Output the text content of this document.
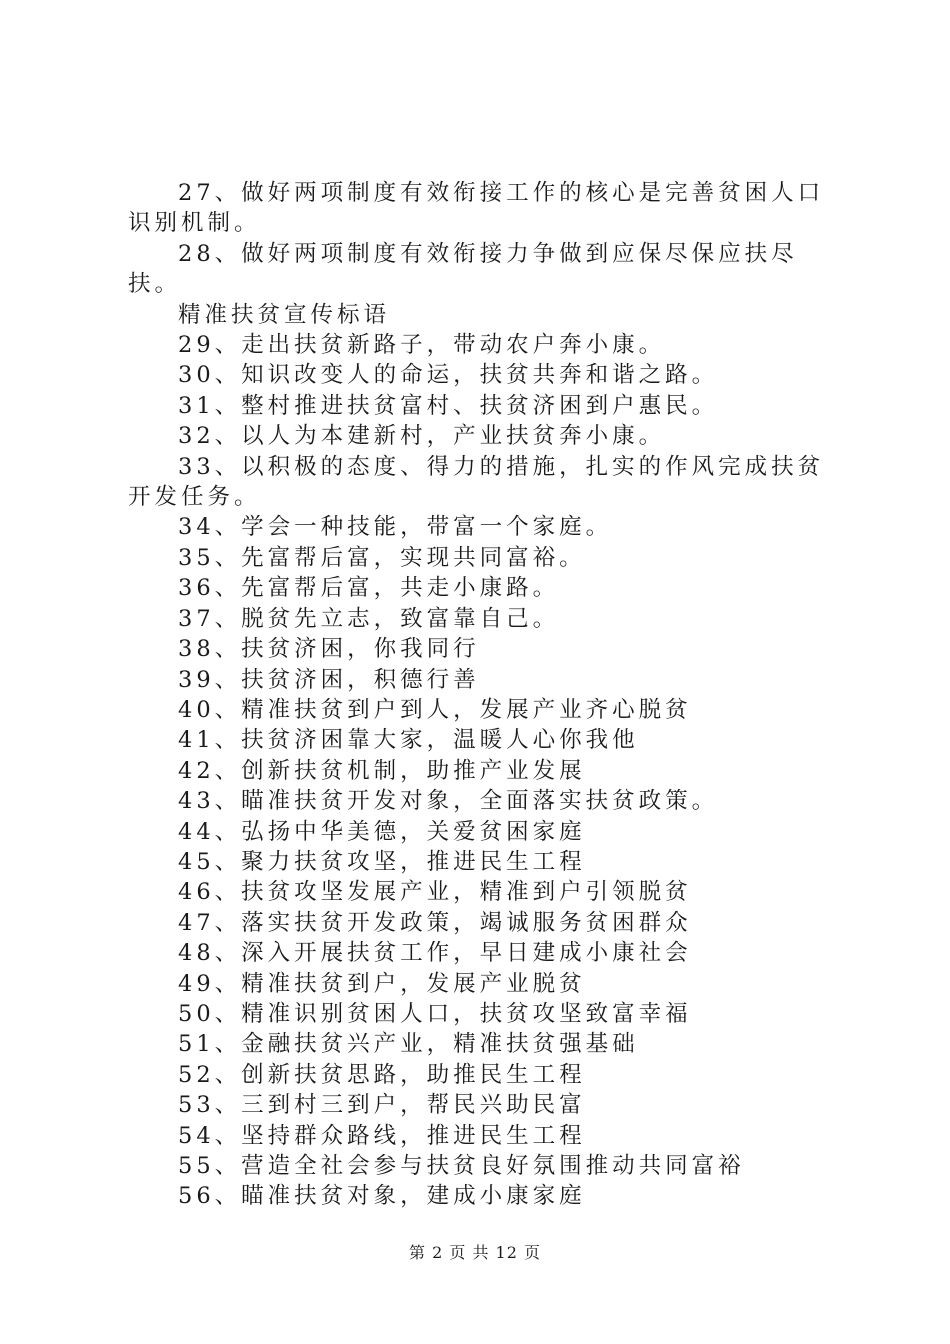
27、做好两项制度有效衔接工作的核心是完善贫困人口识别机制。

28、做好两项制度有效衔接力争做到应保尽保应扶尽扶。

精准扶贫宣传标语

29、走出扶贫新路子，带动农户奔小康。

30、知识改变人的命运，扶贫共奔和谐之路。

31、整村推进扶贫富村、扶贫济困到户惠民。

32、以人为本建新村，产业扶贫奔小康。

33、以积极的态度、得力的措施，扎实的作风完成扶贫开发任务。

34、学会一种技能，带富一个家庭。

35、先富帮后富，实现共同富裕。

36、先富帮后富，共走小康路。

37、脱贫先立志，致富靠自己。

38、扶贫济困，你我同行

39、扶贫济困，积德行善

40、精准扶贫到户到人，发展产业齐心脱贫

41、扶贫济困靠大家，温暖人心你我他

42、创新扶贫机制，助推产业发展

43、瞄准扶贫开发对象，全面落实扶贫政策。

44、弘扬中华美德，关爱贫困家庭

45、聚力扶贫攻坚，推进民生工程

46、扶贫攻坚发展产业，精准到户引领脱贫

47、落实扶贫开发政策，竭诚服务贫困群众

48、深入开展扶贫工作，早日建成小康社会

49、精准扶贫到户，发展产业脱贫

50、精准识别贫困人口，扶贫攻坚致富幸福

51、金融扶贫兴产业，精准扶贫强基础

52、创新扶贫思路，助推民生工程

53、三到村三到户，帮民兴助民富

54、坚持群众路线，推进民生工程

55、营造全社会参与扶贫良好氛围推动共同富裕

56、瞄准扶贫对象，建成小康家庭

第 2 页 共 12 页
